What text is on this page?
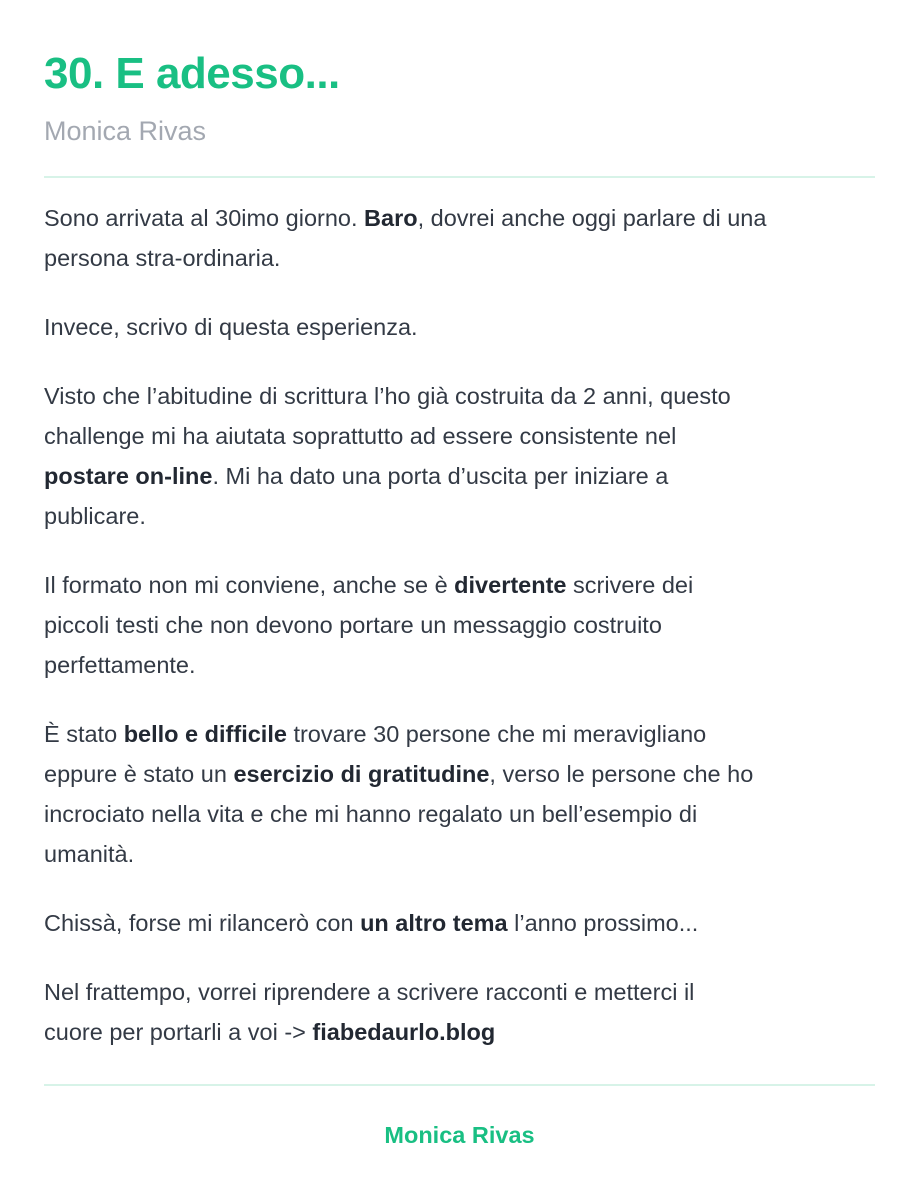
30. E adesso...
Monica Rivas

Sono arrivata al 30imo giorno. Baro, dovrei anche oggi parlare di una
persona stra-ordinaria.

Invece, scrivo di questa esperienza.

Visto che l’abitudine di scrittura l’ho già costruita da 2 anni, questo
challenge mi ha aiutata soprattutto ad essere consistente nel
postare on-line. Mi ha dato una porta d’uscita per iniziare a
publicare.

Il formato non mi conviene, anche se è divertente scrivere dei
piccoli testi che non devono portare un messaggio costruito
perfettamente.

È stato bello e difficile trovare 30 persone che mi meravigliano
eppure è stato un esercizio di gratitudine, verso le persone che ho
incrociato nella vita e che mi hanno regalato un bell’esempio di
umanità.

Chissà, forse mi rilancerò con un altro tema l’anno prossimo...

Nel frattempo, vorrei riprendere a scrivere racconti e metterci il
cuore per portarli a voi -> fiabedaurlo.blog

Monica Rivas
